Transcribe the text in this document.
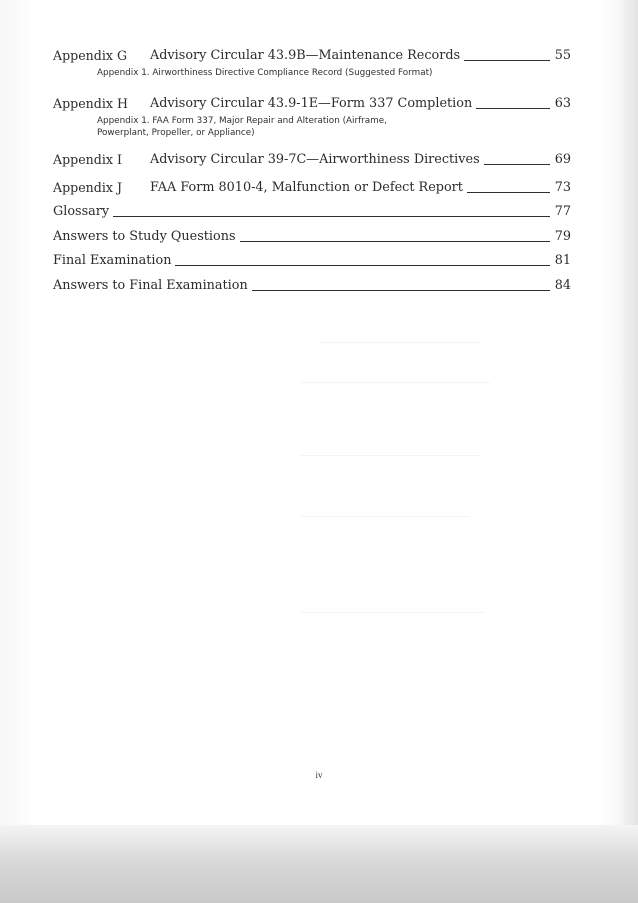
Appendix G Advisory Circular 43.9B—Maintenance Records	55
Appendix 1. Airworthiness Directive Compliance Record (Suggested Format)
Appendix H Advisory Circular 43.9-1E—Form 337 Completion	63
Appendix 1. FAA Form 337, Major Repair and Alteration (Airframe,
Powerplant, Propeller, or Appliance)
Appendix I Advisory Circular 39-7C—Airworthiness Directives	69
Appendix J FAA Form 8010-4, Malfunction or Defect Report	73
Glossary	77
Answers to Study Questions	79
Final Examination	81
Answers to Final Examination	84
iv
